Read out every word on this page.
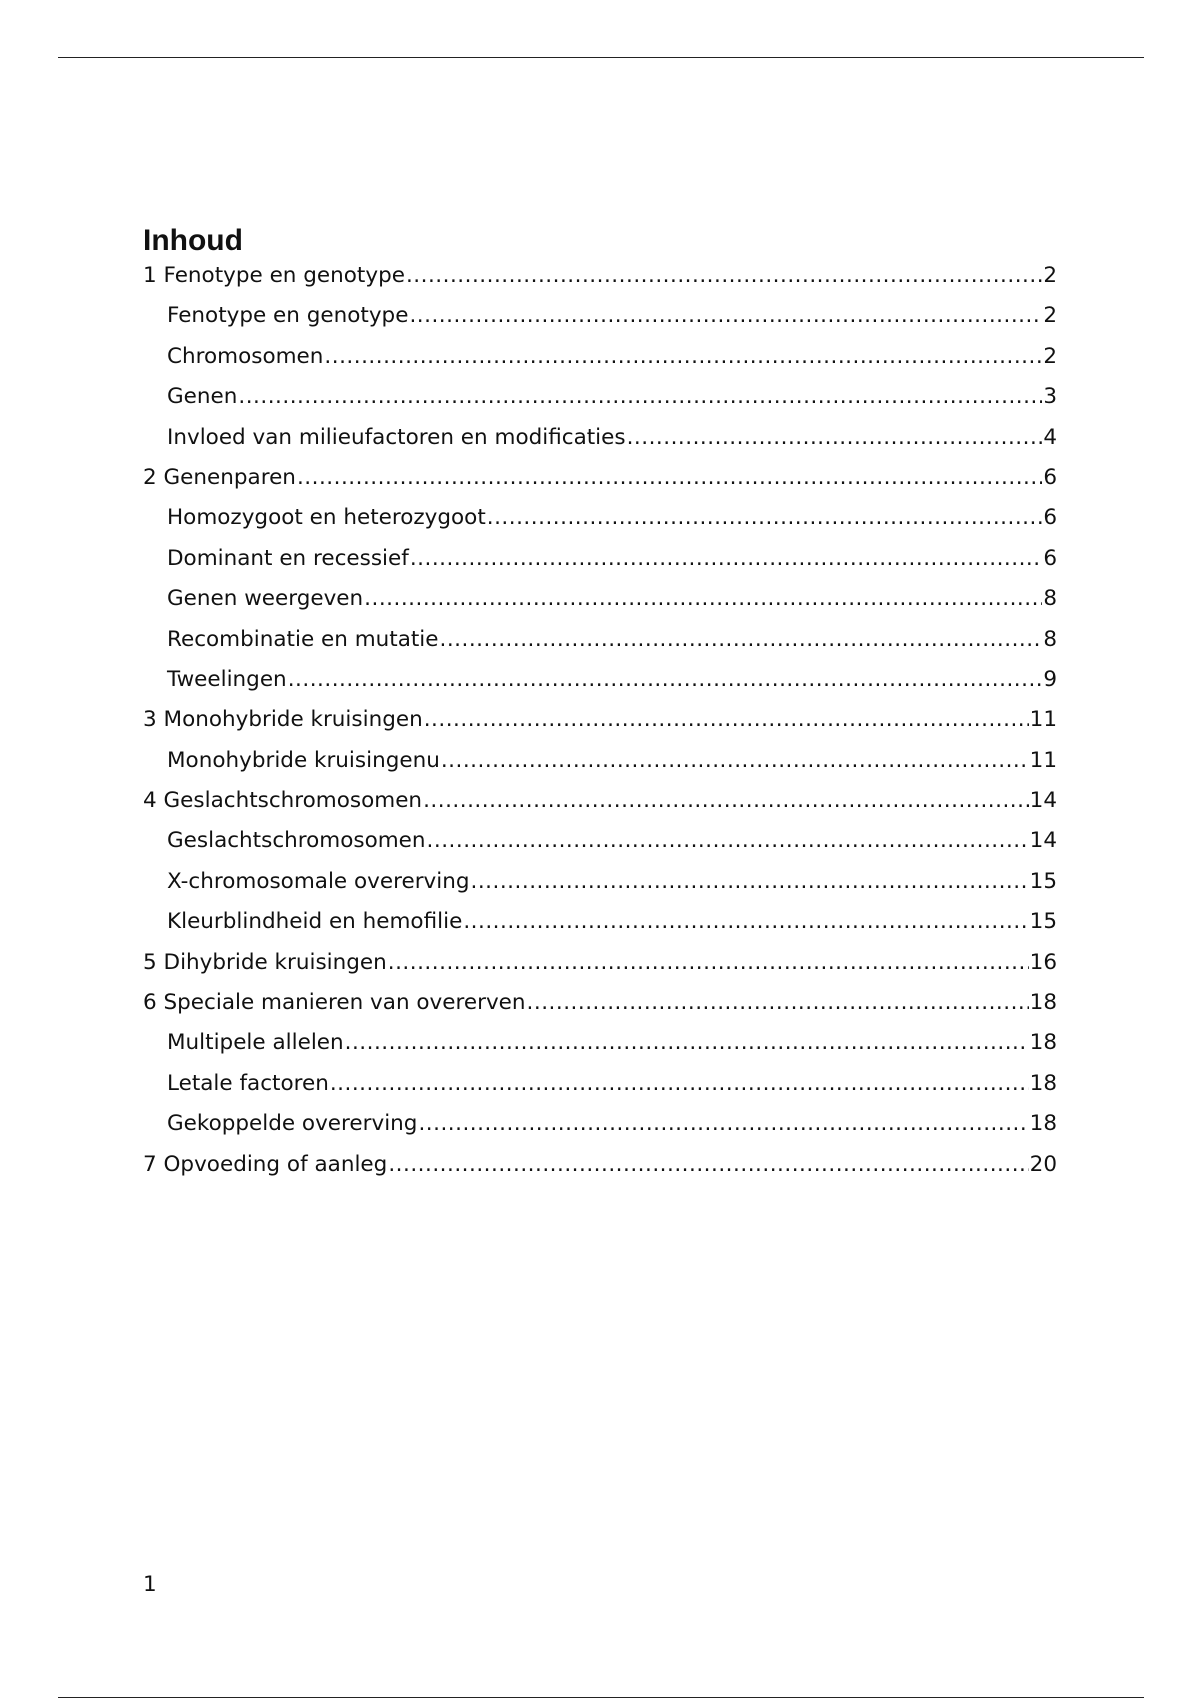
Inhoud
1 Fenotype en genotype .....	2
Fenotype en genotype .....	2
Chromosomen .....	2
Genen .....	3
Invloed van milieufactoren en modificaties .....	4
2 Genenparen .....	6
Homozygoot en heterozygoot .....	6
Dominant en recessief .....	6
Genen weergeven .....	8
Recombinatie en mutatie .....	8
Tweelingen .....	9
3 Monohybride kruisingen .....	11
Monohybride kruisingenu .....	11
4 Geslachtschromosomen .....	14
Geslachtschromosomen .....	14
X-chromosomale overerving .....	15
Kleurblindheid en hemofilie .....	15
5 Dihybride kruisingen .....	16
6 Speciale manieren van overerven .....	18
Multipele allelen .....	18
Letale factoren .....	18
Gekoppelde overerving .....	18
7 Opvoeding of aanleg .....	20
1
